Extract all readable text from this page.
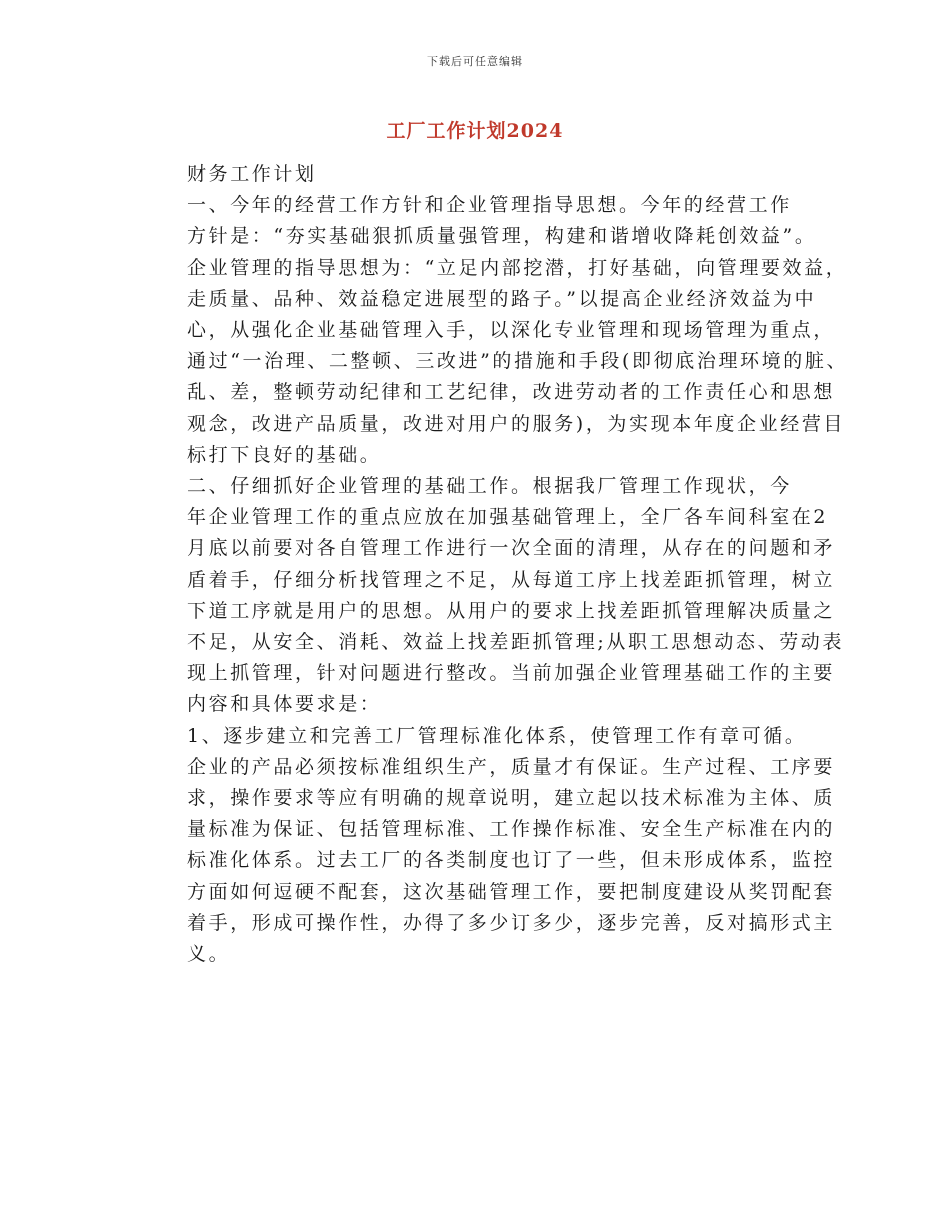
下载后可任意编辑
工厂工作计划2024

财务工作计划

一、今年的经营工作方针和企业管理指导思想。今年的经营工作
方针是：“夯实基础狠抓质量强管理，构建和谐增收降耗创效益”。
企业管理的指导思想为：“立足内部挖潜，打好基础，向管理要效益，
走质量、品种、效益稳定进展型的路子。”以提高企业经济效益为中
心，从强化企业基础管理入手，以深化专业管理和现场管理为重点，
通过“一治理、二整顿、三改进”的措施和手段(即彻底治理环境的脏、
乱、差，整顿劳动纪律和工艺纪律，改进劳动者的工作责任心和思想
观念，改进产品质量，改进对用户的服务)，为实现本年度企业经营目
标打下良好的基础。

二、仔细抓好企业管理的基础工作。根据我厂管理工作现状，今
年企业管理工作的重点应放在加强基础管理上，全厂各车间科室在2
月底以前要对各自管理工作进行一次全面的清理，从存在的问题和矛
盾着手，仔细分析找管理之不足，从每道工序上找差距抓管理，树立
下道工序就是用户的思想。从用户的要求上找差距抓管理解决质量之
不足，从安全、消耗、效益上找差距抓管理;从职工思想动态、劳动表
现上抓管理，针对问题进行整改。当前加强企业管理基础工作的主要
内容和具体要求是：

1、逐步建立和完善工厂管理标准化体系，使管理工作有章可循。
企业的产品必须按标准组织生产，质量才有保证。生产过程、工序要
求，操作要求等应有明确的规章说明，建立起以技术标准为主体、质
量标准为保证、包括管理标准、工作操作标准、安全生产标准在内的
标准化体系。过去工厂的各类制度也订了一些，但未形成体系，监控
方面如何逗硬不配套，这次基础管理工作，要把制度建设从奖罚配套
着手，形成可操作性，办得了多少订多少，逐步完善，反对搞形式主
义。
